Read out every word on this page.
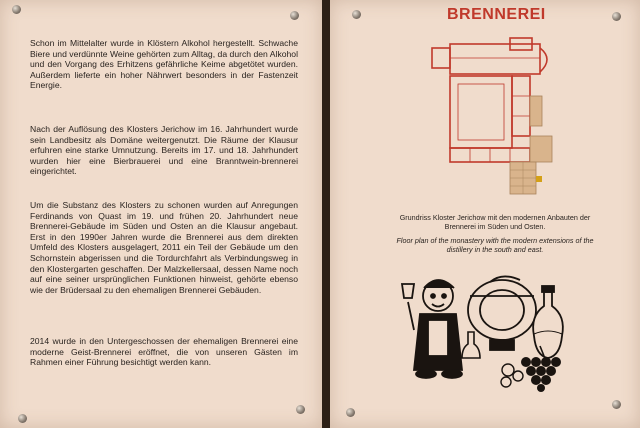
Schon im Mittelalter wurde in Klöstern Alkohol hergestellt. Schwache Biere und verdünnte Weine gehörten zum Alltag, da durch den Alkohol und den Vorgang des Erhitzens gefährliche Keime abgetötet wurden. Außerdem lieferte ein hoher Nährwert besonders in der Fastenzeit Energie.

Nach der Auflösung des Klosters Jerichow im 16. Jahrhundert wurde sein Landbesitz als Domäne weitergenutzt. Die Räume der Klausur erfuhren eine starke Umnutzung. Bereits im 17. und 18. Jahrhundert wurden hier eine Bierbrauerei und eine Branntwein-brennerei eingerichtet.

Um die Substanz des Klosters zu schonen wurden auf Anregungen Ferdinands von Quast im 19. und frühen 20. Jahrhundert neue Brennerei-Gebäude im Süden und Osten an die Klausur angebaut. Erst in den 1990er Jahren wurde die Brennerei aus dem direkten Umfeld des Klosters ausgelagert, 2011 ein Teil der Gebäude um den Schornstein abgerissen und die Tordurchfahrt als Verbindungsweg in den Klostergarten geschaffen. Der Malzkellersaal, dessen Name noch auf eine seiner ursprünglichen Funktionen hinweist, gehörte ebenso wie der Brüdersaal zu den ehemaligen Brennerei Gebäuden.

2014 wurde in den Untergeschossen der ehemaligen Brennerei eine moderne Geist-Brennerei eröffnet, die von unseren Gästen im Rahmen einer Führung besichtigt werden kann.

BRENNEREI

Grundriss Kloster Jerichow mit den modernen Anbauten der Brennerei im Süden und Osten.

Floor plan of the monastery with the modern extensions of the distillery in the south and east.
